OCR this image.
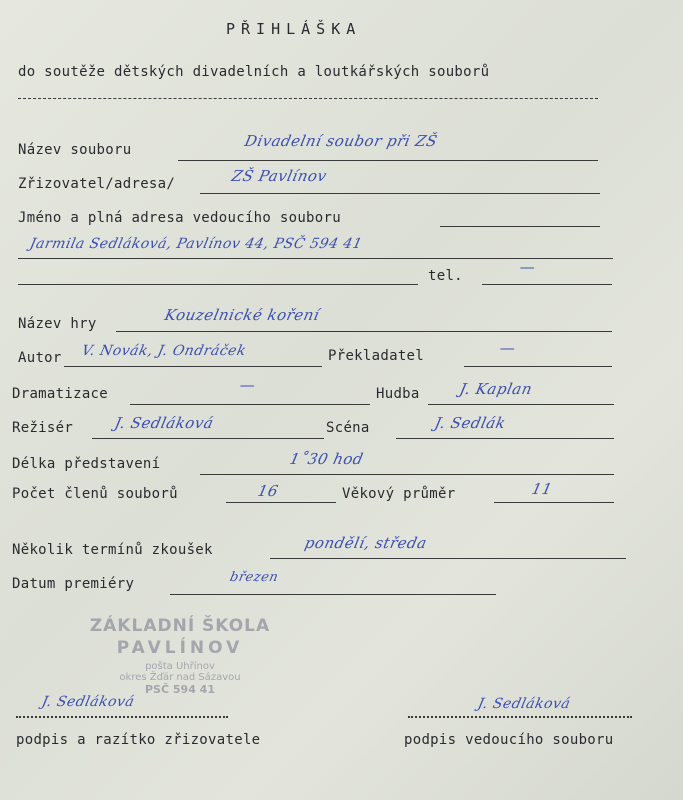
PŘIHLÁŠKA
do soutěže dětských divadelních a loutkářských souborů
Název souboru	Divadelní soubor při ZŠ
Zřizovatel/adresa/	ZŠ Pavlínov
Jméno a plná adresa vedoucího souboru
Jarmila Sedláková, Pavlínov 44, PSČ 594 41
tel.	—
Název hry	Kouzelnické koření
Autor V. Novák, J. Ondráček	Překladatel	—
Dramatizace	—	Hudba	J. Kaplan
Režisér	J. Sedláková	Scéna	J. Sedlák
Délka představení	1˚30 hod
Počet členů souborů	16	Věkový průměr	11
Několik termínů zkoušek	pondělí, středa
Datum premiéry	březen
ZÁKLADNÍ ŠKOLA
PAVLÍNOV
pošta Uhřínov
okres Žďár nad Sázavou
PSČ 594 41
J. Sedláková
podpis a razítko zřizovatele
J. Sedláková
podpis vedoucího souboru
